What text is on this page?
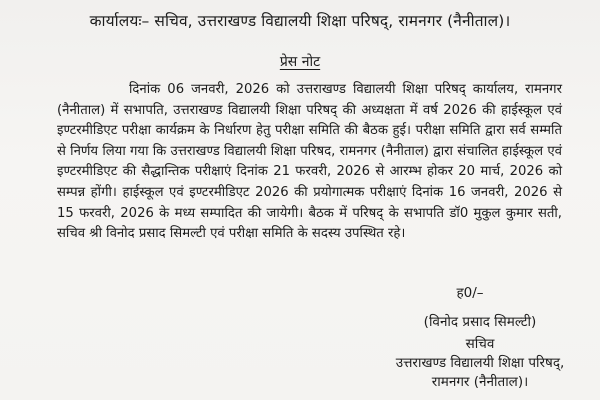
कार्यालयः– सचिव, उत्तराखण्ड विद्यालयी शिक्षा परिषद्, रामनगर (नैनीताल)।
प्रेस नोट

दिनांक 06 जनवरी, 2026 को उत्तराखण्ड विद्यालयी शिक्षा परिषद् कार्यालय, रामनगर (नैनीताल) में सभापति, उत्तराखण्ड विद्यालयी शिक्षा परिषद् की अध्यक्षता में वर्ष 2026 की हाईस्कूल एवं इण्टरमीडिएट परीक्षा कार्यक्रम के निर्धारण हेतु परीक्षा समिति की बैठक हुई। परीक्षा समिति द्वारा सर्व सम्मति से निर्णय लिया गया कि उत्तराखण्ड विद्यालयी शिक्षा परिषद, रामनगर (नैनीताल) द्वारा संचालित हाईस्कूल एवं इण्टरमीडिएट की सैद्धान्तिक परीक्षाएं दिनांक 21 फरवरी, 2026 से आरम्भ होकर 20 मार्च, 2026 को सम्पन्न होंगी। हाईस्कूल एवं इण्टरमीडिएट 2026 की प्रयोगात्मक परीक्षाएं दिनांक 16 जनवरी, 2026 से 15 फरवरी, 2026 के मध्य सम्पादित की जायेगी। बैठक में परिषद् के सभापति डॉ0 मुकुल कुमार सती, सचिव श्री विनोद प्रसाद सिमल्टी एवं परीक्षा समिति के सदस्य उपस्थित रहे।

ह0/–
(विनोद प्रसाद सिमल्टी)
सचिव
उत्तराखण्ड विद्यालयी शिक्षा परिषद्,
रामनगर (नैनीताल)।
